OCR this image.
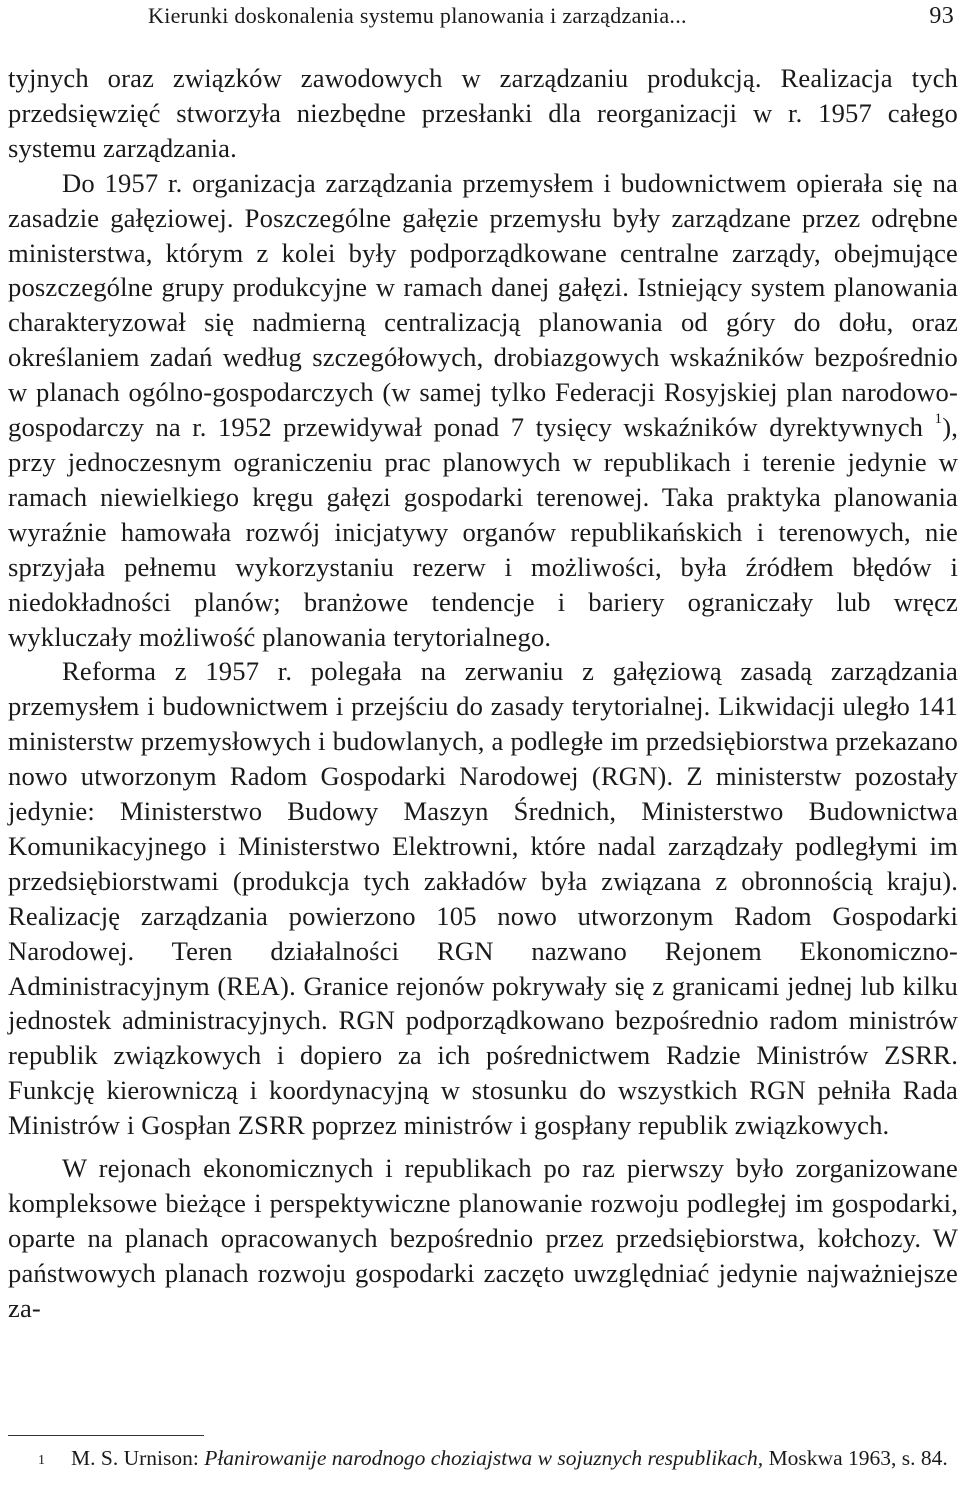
Kierunki doskonalenia systemu planowania i zarządzania...	93

tyjnych oraz związków zawodowych w zarządzaniu produkcją. Realizacja tych przedsięwzięć stworzyła niezbędne przesłanki dla reorganizacji w r. 1957 całego systemu zarządzania.

Do 1957 r. organizacja zarządzania przemysłem i budownictwem opierała się na zasadzie gałęziowej. Poszczególne gałęzie przemysłu były zarządzane przez odrębne ministerstwa, którym z kolei były podporządkowane centralne zarządy, obejmujące poszczególne grupy produkcyjne w ramach danej gałęzi. Istniejący system planowania charakteryzował się nadmierną centralizacją planowania od góry do dołu, oraz określaniem zadań według szczegółowych, drobiazgowych wskaźników bezpośrednio w planach ogólno-gospodarczych (w samej tylko Federacji Rosyjskiej plan narodowo-gospodarczy na r. 1952 przewidywał ponad 7 tysięcy wskaźników dyrektywnych $^1$), przy jednoczesnym ograniczeniu prac planowych w republikach i terenie jedynie w ramach niewielkiego kręgu gałęzi gospodarki terenowej. Taka praktyka planowania wyraźnie hamowała rozwój inicjatywy organów republikańskich i terenowych, nie sprzyjała pełnemu wykorzystaniu rezerw i możliwości, była źródłem błędów i niedokładności planów; branżowe tendencje i bariery ograniczały lub wręcz wykluczały możliwość planowania terytorialnego.

Reforma z 1957 r. polegała na zerwaniu z gałęziową zasadą zarządzania przemysłem i budownictwem i przejściu do zasady terytorialnej. Likwidacji uległo 141 ministerstw przemysłowych i budowlanych, a podległe im przedsiębiorstwa przekazano nowo utworzonym Radom Gospodarki Narodowej (RGN). Z ministerstw pozostały jedynie: Ministerstwo Budowy Maszyn Średnich, Ministerstwo Budownictwa Komunikacyjnego i Ministerstwo Elektrowni, które nadal zarządzały podległymi im przedsiębiorstwami (produkcja tych zakładów była związana z obronnością kraju). Realizację zarządzania powierzono 105 nowo utworzonym Radom Gospodarki Narodowej. Teren działalności RGN nazwano Rejonem Ekonomiczno-Administracyjnym (REA). Granice rejonów pokrywały się z granicami jednej lub kilku jednostek administracyjnych. RGN podporządkowano bezpośrednio radom ministrów republik związkowych i dopiero za ich pośrednictwem Radzie Ministrów ZSRR. Funkcję kierowniczą i koordynacyjną w stosunku do wszystkich RGN pełniła Rada Ministrów i Gospłan ZSRR poprzez ministrów i gospłany republik związkowych.

W rejonach ekonomicznych i republikach po raz pierwszy było zorganizowane kompleksowe bieżące i perspektywiczne planowanie rozwoju podległej im gospodarki, oparte na planach opracowanych bezpośrednio przez przedsiębiorstwa, kołchozy. W państwowych planach rozwoju gospodarki zaczęto uwzględniać jedynie najważniejsze za-

$^1$ M. S. Urnison: Płanirowanije narodnogo choziajstwa w sojuznych respublikach, Moskwa 1963, s. 84.
